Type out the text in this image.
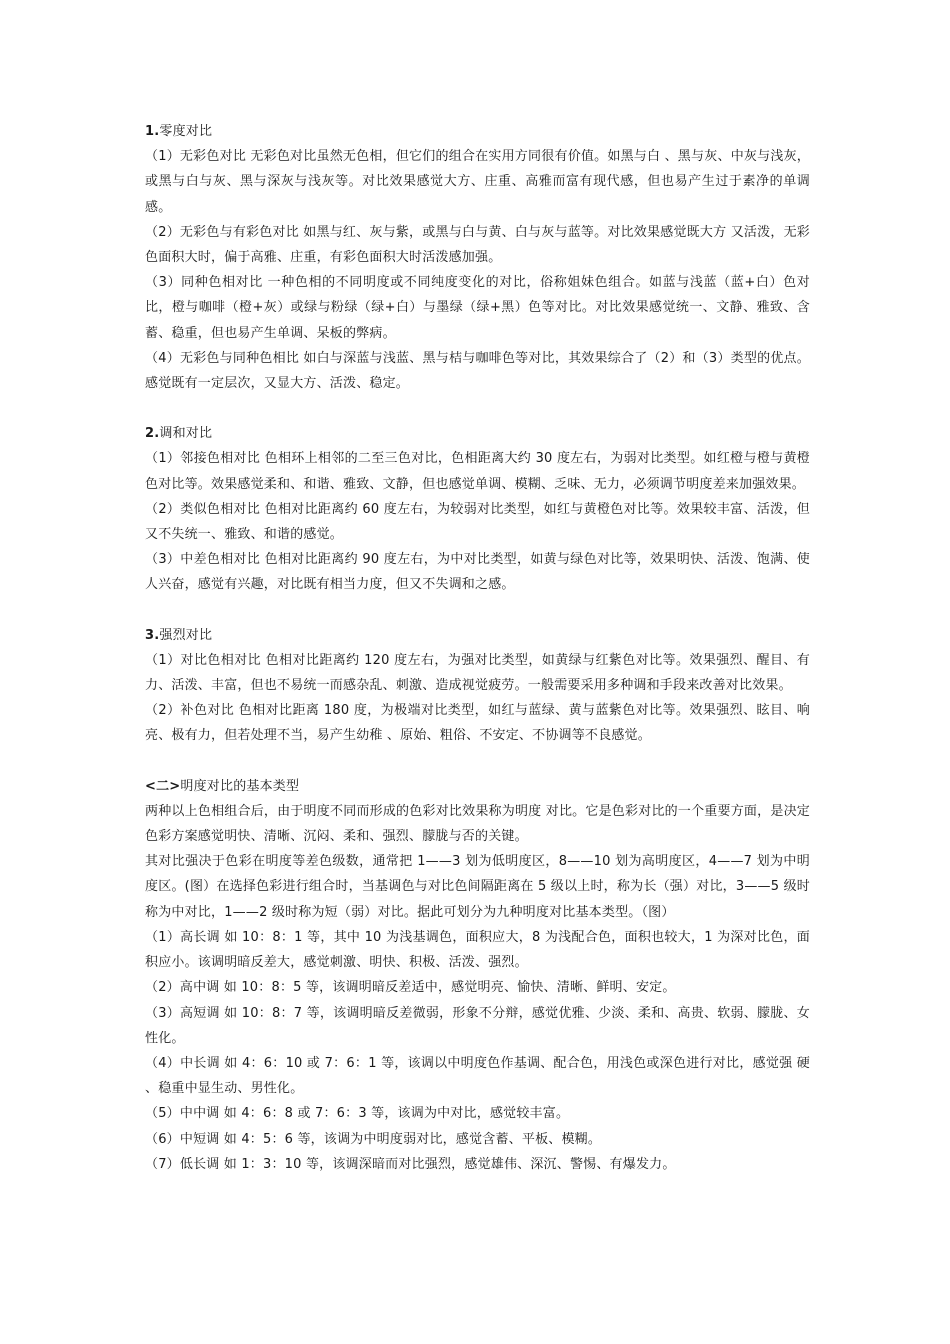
1.零度对比

（1）无彩色对比 无彩色对比虽然无色相，但它们的组合在实用方同很有价值。如黑与白 、黑与灰、中灰与浅灰，或黑与白与灰、黑与深灰与浅灰等。对比效果感觉大方、庄重、高雅而富有现代感，但也易产生过于素净的单调感。

（2）无彩色与有彩色对比 如黑与红、灰与紫，或黑与白与黄、白与灰与蓝等。对比效果感觉既大方 又活泼，无彩色面积大时，偏于高雅、庄重，有彩色面积大时活泼感加强。

（3）同种色相对比 一种色相的不同明度或不同纯度变化的对比，俗称姐妹色组合。如蓝与浅蓝（蓝+白）色对比，橙与咖啡（橙+灰）或绿与粉绿（绿+白）与墨绿（绿+黑）色等对比。对比效果感觉统一、文静、雅致、含蓄、稳重，但也易产生单调、呆板的弊病。

（4）无彩色与同种色相比 如白与深蓝与浅蓝、黑与桔与咖啡色等对比，其效果综合了（2）和（3）类型的优点。感觉既有一定层次，又显大方、活泼、稳定。

2.调和对比

（1）邻接色相对比 色相环上相邻的二至三色对比，色相距离大约 30 度左右，为弱对比类型。如红橙与橙与黄橙色对比等。效果感觉柔和、和谐、雅致、文静，但也感觉单调、模糊、乏味、无力，必须调节明度差来加强效果。

（2）类似色相对比 色相对比距离约 60 度左右，为较弱对比类型，如红与黄橙色对比等。效果较丰富、活泼，但又不失统一、雅致、和谐的感觉。

（3）中差色相对比 色相对比距离约 90 度左右，为中对比类型，如黄与绿色对比等，效果明快、活泼、饱满、使人兴奋，感觉有兴趣，对比既有相当力度，但又不失调和之感。

3.强烈对比

（1）对比色相对比 色相对比距离约 120 度左右，为强对比类型，如黄绿与红紫色对比等。效果强烈、醒目、有力、活泼、丰富，但也不易统一而感杂乱、刺激、造成视觉疲劳。一般需要采用多种调和手段来改善对比效果。

（2）补色对比 色相对比距离 180 度，为极端对比类型，如红与蓝绿、黄与蓝紫色对比等。效果强烈、眩目、响亮、极有力，但若处理不当，易产生幼稚 、原始、粗俗、不安定、不协调等不良感觉。

<二>明度对比的基本类型

两种以上色相组合后，由于明度不同而形成的色彩对比效果称为明度 对比。它是色彩对比的一个重要方面，是决定色彩方案感觉明快、清晰、沉闷、柔和、强烈、朦胧与否的关键。

其对比强决于色彩在明度等差色级数，通常把 1——3 划为低明度区，8——10 划为高明度区，4——7 划为中明度区。(图）在选择色彩进行组合时，当基调色与对比色间隔距离在 5 级以上时，称为长（强）对比，3——5 级时称为中对比，1——2 级时称为短（弱）对比。据此可划分为九种明度对比基本类型。（图）

（1）高长调 如 10：8：1 等，其中 10 为浅基调色，面积应大，8 为浅配合色，面积也较大，1 为深对比色，面积应小。该调明暗反差大，感觉刺激、明快、积极、活泼、强烈。

（2）高中调 如 10：8：5 等，该调明暗反差适中，感觉明亮、愉快、清晰、鲜明、安定。

（3）高短调 如 10：8：7 等，该调明暗反差微弱，形象不分辩，感觉优雅、少淡、柔和、高贵、软弱、朦胧、女性化。

（4）中长调 如 4：6：10 或 7：6：1 等，该调以中明度色作基调、配合色，用浅色或深色进行对比，感觉强 硬 、稳重中显生动、男性化。

（5）中中调 如 4：6：8 或 7：6：3 等，该调为中对比，感觉较丰富。

（6）中短调 如 4：5：6 等，该调为中明度弱对比，感觉含蓄、平板、模糊。

（7）低长调 如 1：3：10 等，该调深暗而对比强烈，感觉雄伟、深沉、警惕、有爆发力。
